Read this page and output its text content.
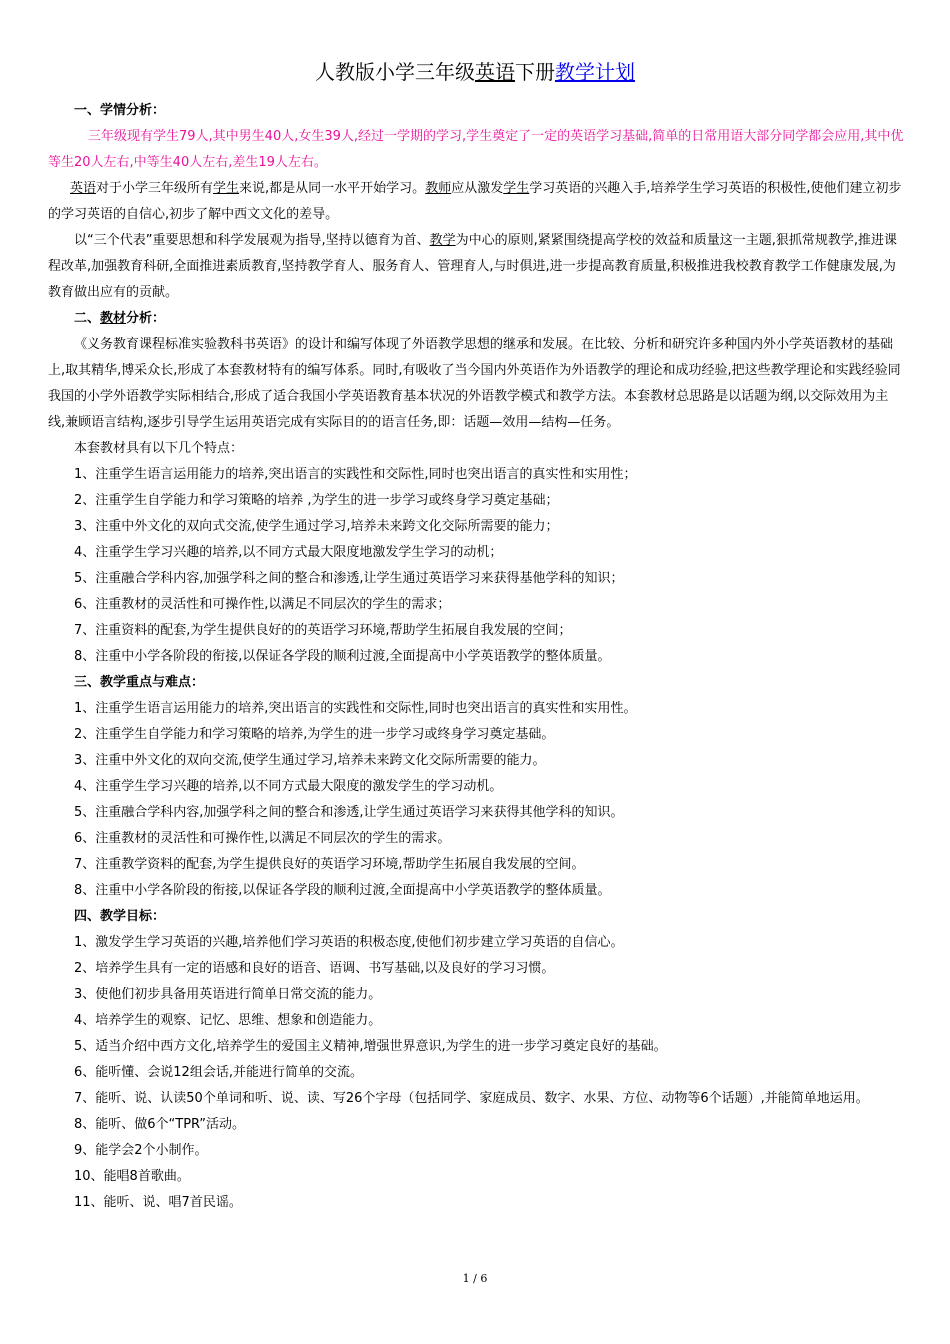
人教版小学三年级英语下册教学计划

一、学情分析：

三年级现有学生79人,其中男生40人,女生39人,经过一学期的学习,学生奠定了一定的英语学习基础,简单的日常用语大部分同学都会应用,其中优等生20人左右,中等生40人左右,差生19人左右。

英语对于小学三年级所有学生来说,都是从同一水平开始学习。教师应从激发学生学习英语的兴趣入手,培养学生学习英语的积极性,使他们建立初步的学习英语的自信心,初步了解中西文文化的差导。

以“三个代表”重要思想和科学发展观为指导,坚持以德育为首、教学为中心的原则,紧紧围绕提高学校的效益和质量这一主题,狠抓常规教学,推进课程改革,加强教育科研,全面推进素质教育,坚持教学育人、服务育人、管理育人,与时俱进,进一步提高教育质量,积极推进我校教育教学工作健康发展,为教育做出应有的贡献。

二、教材分析：

《义务教育课程标准实验教科书英语》的设计和编写体现了外语教学思想的继承和发展。在比较、分析和研究许多种国内外小学英语教材的基础上,取其精华,博采众长,形成了本套教材特有的编写体系。同时,有吸收了当今国内外英语作为外语教学的理论和成功经验,把这些教学理论和实践经验同我国的小学外语教学实际相结合,形成了适合我国小学英语教育基本状况的外语教学模式和教学方法。本套教材总思路是以话题为纲,以交际效用为主线,兼顾语言结构,逐步引导学生运用英语完成有实际目的的语言任务,即：话题—效用—结构—任务。

本套教材具有以下几个特点：

1、注重学生语言运用能力的培养,突出语言的实践性和交际性,同时也突出语言的真实性和实用性；

2、注重学生自学能力和学习策略的培养 ,为学生的进一步学习或终身学习奠定基础；

3、注重中外文化的双向式交流,使学生通过学习,培养未来跨文化交际所需要的能力；

4、注重学生学习兴趣的培养,以不同方式最大限度地激发学生学习的动机；

5、注重融合学科内容,加强学科之间的整合和渗透,让学生通过英语学习来获得基他学科的知识；

6、注重教材的灵活性和可操作性,以满足不同层次的学生的需求；

7、注重资料的配套,为学生提供良好的的英语学习环境,帮助学生拓展自我发展的空间；

8、注重中小学各阶段的衔接,以保证各学段的顺利过渡,全面提高中小学英语教学的整体质量。

三、教学重点与难点：

1、注重学生语言运用能力的培养,突出语言的实践性和交际性,同时也突出语言的真实性和实用性。

2、注重学生自学能力和学习策略的培养,为学生的进一步学习或终身学习奠定基础。

3、注重中外文化的双向交流,使学生通过学习,培养未来跨文化交际所需要的能力。

4、注重学生学习兴趣的培养,以不同方式最大限度的激发学生的学习动机。

5、注重融合学科内容,加强学科之间的整合和渗透,让学生通过英语学习来获得其他学科的知识。

6、注重教材的灵活性和可操作性,以满足不同层次的学生的需求。

7、注重教学资料的配套,为学生提供良好的英语学习环境,帮助学生拓展自我发展的空间。

8、注重中小学各阶段的衔接,以保证各学段的顺利过渡,全面提高中小学英语教学的整体质量。

四、教学目标：

1、激发学生学习英语的兴趣,培养他们学习英语的积极态度,使他们初步建立学习英语的自信心。

2、培养学生具有一定的语感和良好的语音、语调、书写基础,以及良好的学习习惯。

3、使他们初步具备用英语进行简单日常交流的能力。

4、培养学生的观察、记忆、思维、想象和创造能力。

5、适当介绍中西方文化,培养学生的爱国主义精神,增强世界意识,为学生的进一步学习奠定良好的基础。

6、能听懂、会说12组会话,并能进行简单的交流。

7、能听、说、认读50个单词和听、说、读、写26个字母（包括同学、家庭成员、数字、水果、方位、动物等6个话题）,并能简单地运用。

8、能听、做6个“TPR”活动。

9、能学会2个小制作。

10、能唱8首歌曲。

11、能听、说、唱7首民谣。

1 / 6
